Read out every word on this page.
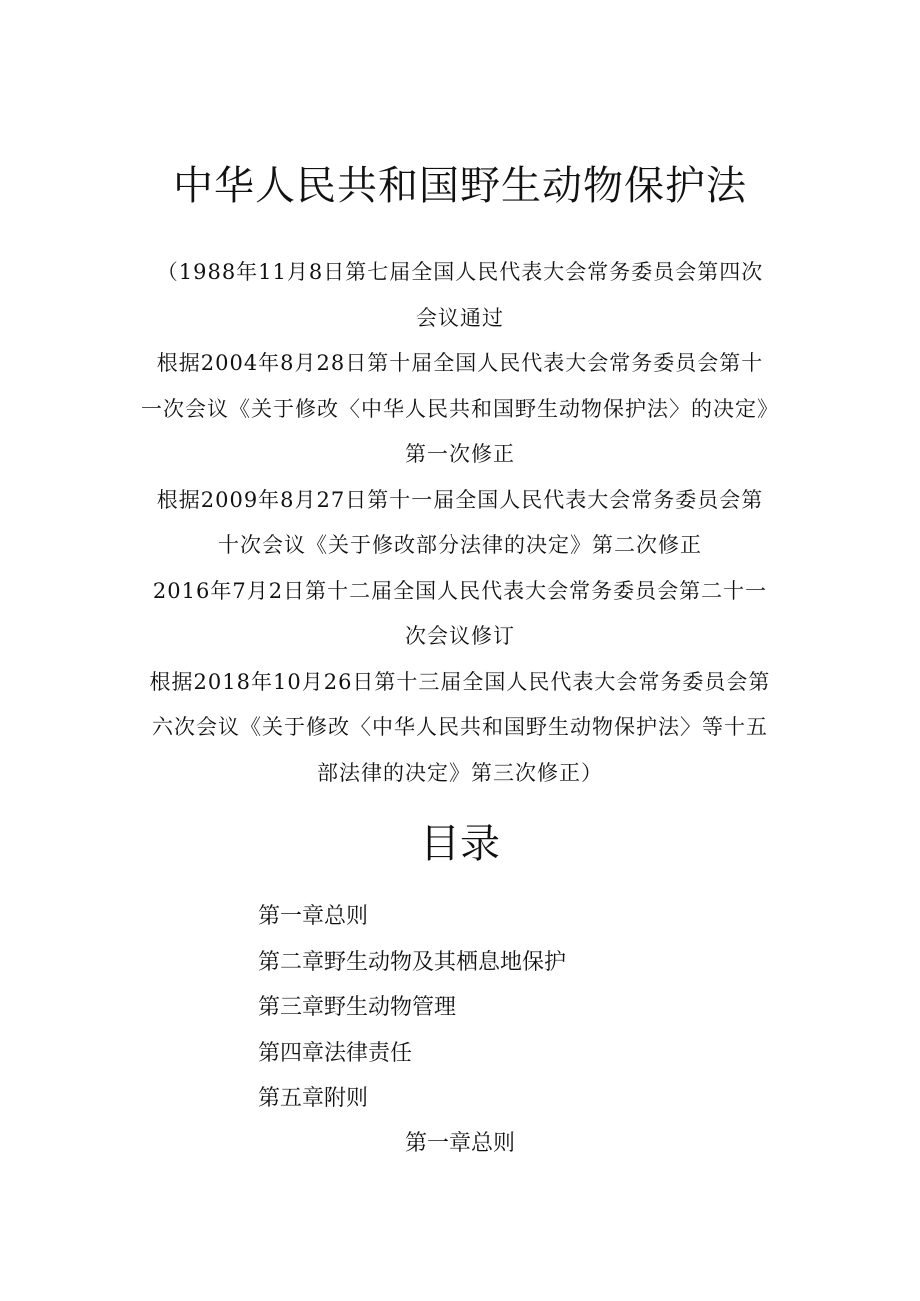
中华人民共和国野生动物保护法
（1988年11月8日第七届全国人民代表大会常务委员会第四次
会议通过
根据2004年8月28日第十届全国人民代表大会常务委员会第十
一次会议《关于修改〈中华人民共和国野生动物保护法〉的决定》
第一次修正
根据2009年8月27日第十一届全国人民代表大会常务委员会第
十次会议《关于修改部分法律的决定》第二次修正
2016年7月2日第十二届全国人民代表大会常务委员会第二十一
次会议修订
根据2018年10月26日第十三届全国人民代表大会常务委员会第
六次会议《关于修改〈中华人民共和国野生动物保护法〉等十五
部法律的决定》第三次修正）
目录
第一章总则
第二章野生动物及其栖息地保护
第三章野生动物管理
第四章法律责任
第五章附则
第一章总则
